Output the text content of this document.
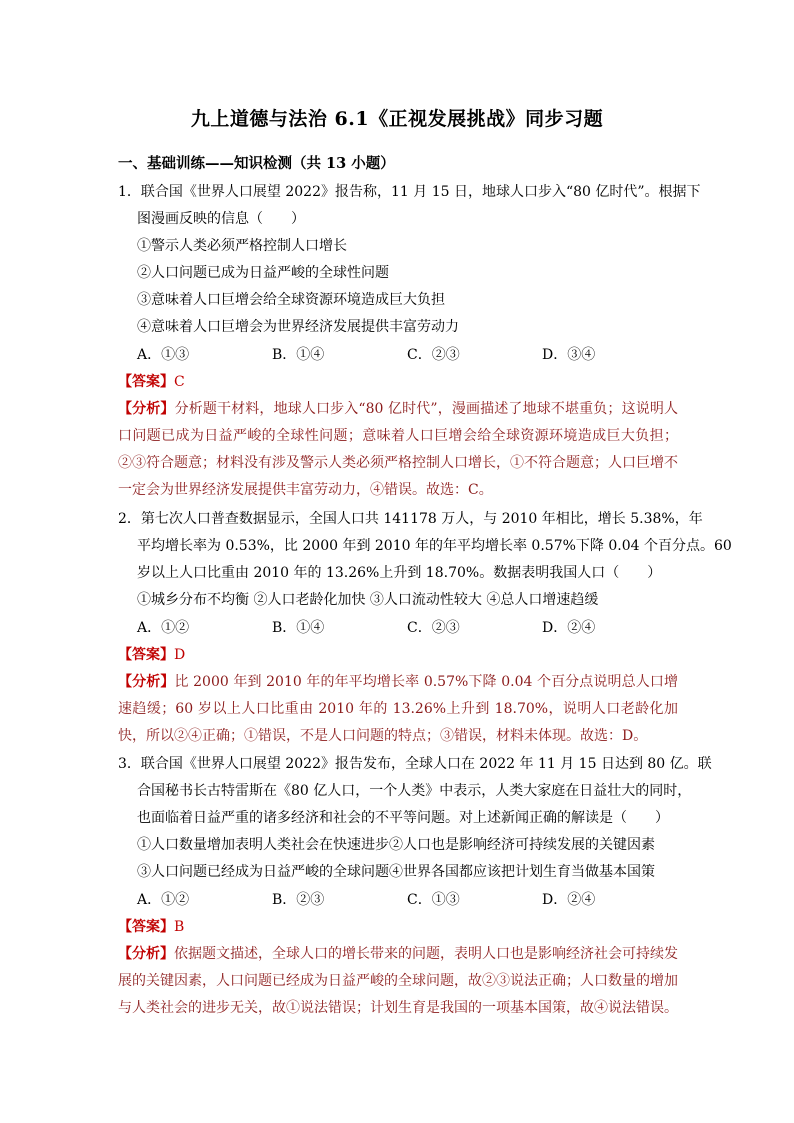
九上道德与法治 6.1《正视发展挑战》同步习题
一、基础训练——知识检测（共 13 小题）
1．联合国《世界人口展望 2022》报告称，11 月 15 日，地球人口步入“80 亿时代”。根据下
图漫画反映的信息（　　）
①警示人类必须严格控制人口增长
②人口问题已成为日益严峻的全球性问题
③意味着人口巨增会给全球资源环境造成巨大负担
④意味着人口巨增会为世界经济发展提供丰富劳动力
A．①③	B．①④	C．②③	D．③④
【答案】C
【分析】分析题干材料，地球人口步入“80 亿时代”，漫画描述了地球不堪重负；这说明人口问题已成为日益严峻的全球性问题；意味着人口巨增会给全球资源环境造成巨大负担；②③符合题意；材料没有涉及警示人类必须严格控制人口增长，①不符合题意；人口巨增不一定会为世界经济发展提供丰富劳动力，④错误。故选：C。
2．第七次人口普查数据显示，全国人口共 141178 万人，与 2010 年相比，增长 5.38%，年
平均增长率为 0.53%，比 2000 年到 2010 年的年平均增长率 0.57%下降 0.04 个百分点。60
岁以上人口比重由 2010 年的 13.26%上升到 18.70%。数据表明我国人口（　　）
①城乡分布不均衡 ②人口老龄化加快 ③人口流动性较大 ④总人口增速趋缓
A．①②	B．①④	C．②③	D．②④
【答案】D
【分析】比 2000 年到 2010 年的年平均增长率 0.57%下降 0.04 个百分点说明总人口增速趋缓；60 岁以上人口比重由 2010 年的 13.26%上升到 18.70%，说明人口老龄化加快，所以②④正确；①错误，不是人口问题的特点；③错误，材料未体现。故选：D。
3．联合国《世界人口展望 2022》报告发布，全球人口在 2022 年 11 月 15 日达到 80 亿。联
合国秘书长古特雷斯在《80 亿人口，一个人类》中表示，人类大家庭在日益壮大的同时，
也面临着日益严重的诸多经济和社会的不平等问题。对上述新闻正确的解读是（　　）
①人口数量增加表明人类社会在快速进步②人口也是影响经济可持续发展的关键因素
③人口问题已经成为日益严峻的全球问题④世界各国都应该把计划生育当做基本国策
A．①②	B．②③	C．①③	D．②④
【答案】B
【分析】依据题文描述，全球人口的增长带来的问题，表明人口也是影响经济社会可持续发展的关键因素，人口问题已经成为日益严峻的全球问题，故②③说法正确；人口数量的增加与人类社会的进步无关，故①说法错误；计划生育是我国的一项基本国策，故④说法错误。
